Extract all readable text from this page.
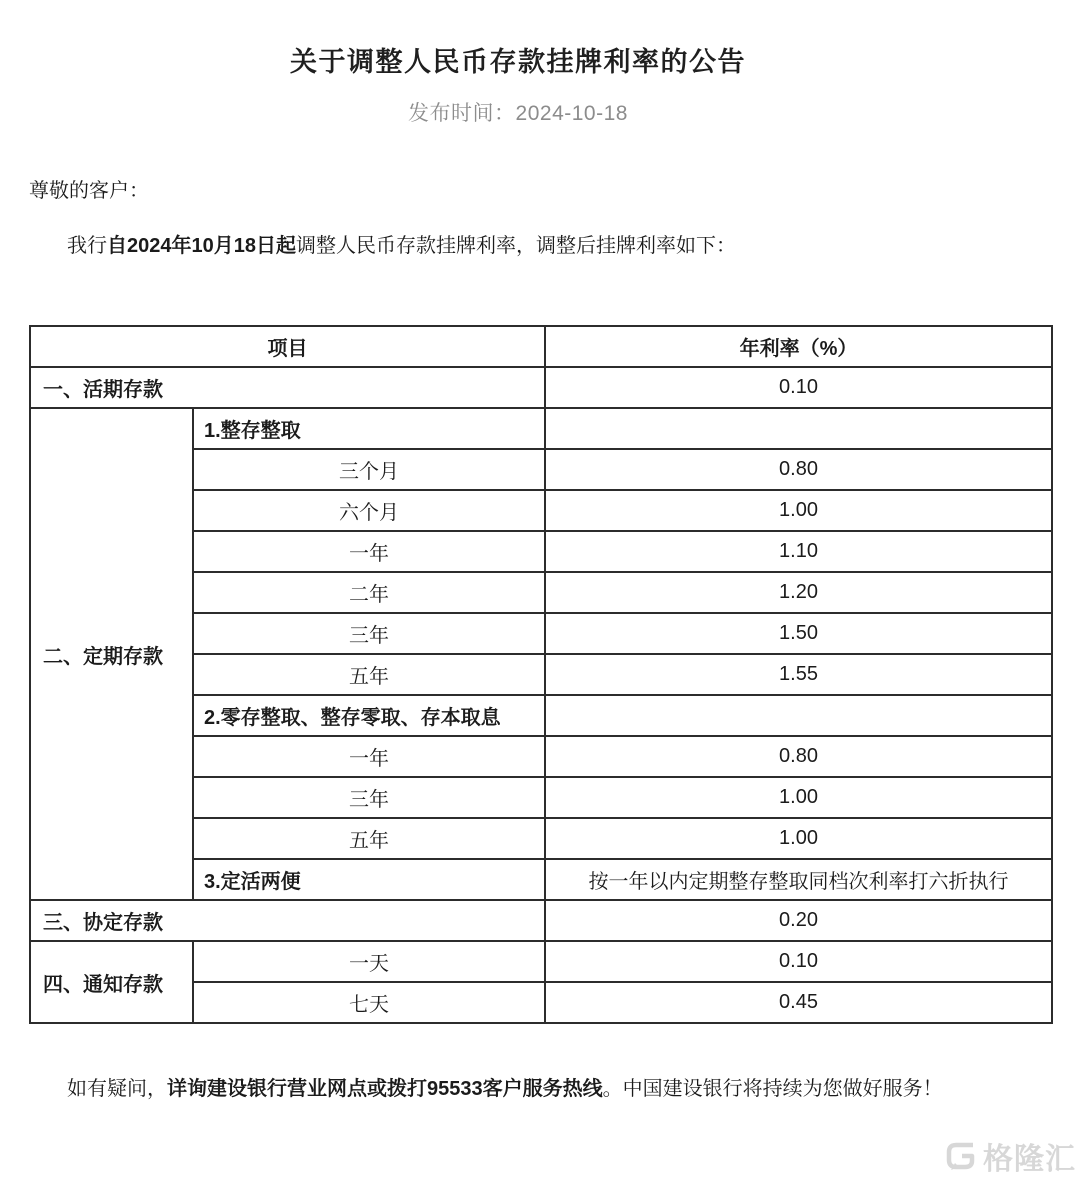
关于调整人民币存款挂牌利率的公告
发布时间：2024-10-18
尊敬的客户：
我行自2024年10月18日起调整人民币存款挂牌利率，调整后挂牌利率如下：
项目		年利率（%）
一、活期存款		0.10
二、定期存款	1.整存整取	
	三个月	0.80
	六个月	1.00
	一年	1.10
	二年	1.20
	三年	1.50
	五年	1.55
	2.零存整取、整存零取、存本取息	
	一年	0.80
	三年	1.00
	五年	1.00
	3.定活两便	按一年以内定期整存整取同档次利率打六折执行
三、协定存款		0.20
四、通知存款	一天	0.10
	七天	0.45
如有疑问，详询建设银行营业网点或拨打95533客户服务热线。中国建设银行将持续为您做好服务！
格隆汇
